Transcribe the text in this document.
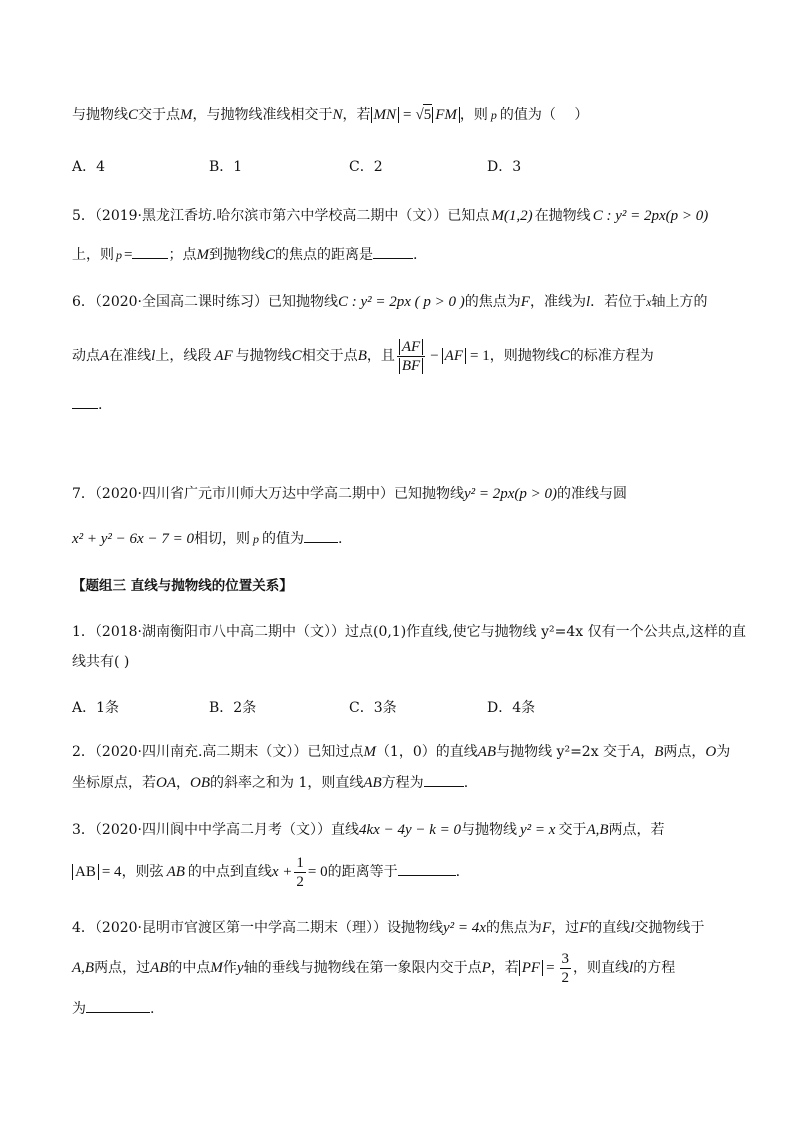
与抛物线C交于点M，与抛物线准线相交于N，若 MN = √5 FM ，则 p 的值为（　 ）
A．4	B．1	C．2	D．3
5．（2019·黑龙江香坊.哈尔滨市第六中学校高二期中（文））已知点 M(1,2) 在抛物线 C : y² = 2px(p > 0)
上，则 p =	；点M到抛物线C的焦点的距离是	.
6．（2020·全国高二课时练习）已知抛物线C : y² = 2px ( p > 0 )的焦点为F，准线为l．若位于x轴上方的
动点A在准线l上，线段 AF 与抛物线C相交于点B，且 $\frac{AF}{BF}$ − AF = 1，则抛物线C的标准方程为
.
7．（2020·四川省广元市川师大万达中学高二期中）已知抛物线y² = 2px(p > 0)的准线与圆
x² + y² − 6x − 7 = 0相切，则 p 的值为 .
【题组三 直线与抛物线的位置关系】
1．（2018·湖南衡阳市八中高二期中（文））过点(0,1)作直线,使它与抛物线 y²=4x 仅有一个公共点,这样的直
线共有( )
A．1条	B．2条	C．3条	D．4条
2．（2020·四川南充.高二期末（文））已知过点M（1，0）的直线AB与抛物线 y²=2x 交于A，B两点，O为
坐标原点，若OA，OB的斜率之和为 1，则直线AB方程为	.
3．（2020·四川阆中中学高二月考（文））直线4kx − 4y − k = 0与抛物线 y² = x 交于A,B两点，若
AB = 4，则弦 AB 的中点到直线$x + \frac{1}{2} = 0$的距离等于	.
4．（2020·昆明市官渡区第一中学高二期末（理））设抛物线y² = 4x的焦点为F，过F的直线l交抛物线于
A,B两点，过AB的中点M作y轴的垂线与抛物线在第一象限内交于点P，若 PF = $\frac{3}{2}$ ，则直线l的方程
为	.
